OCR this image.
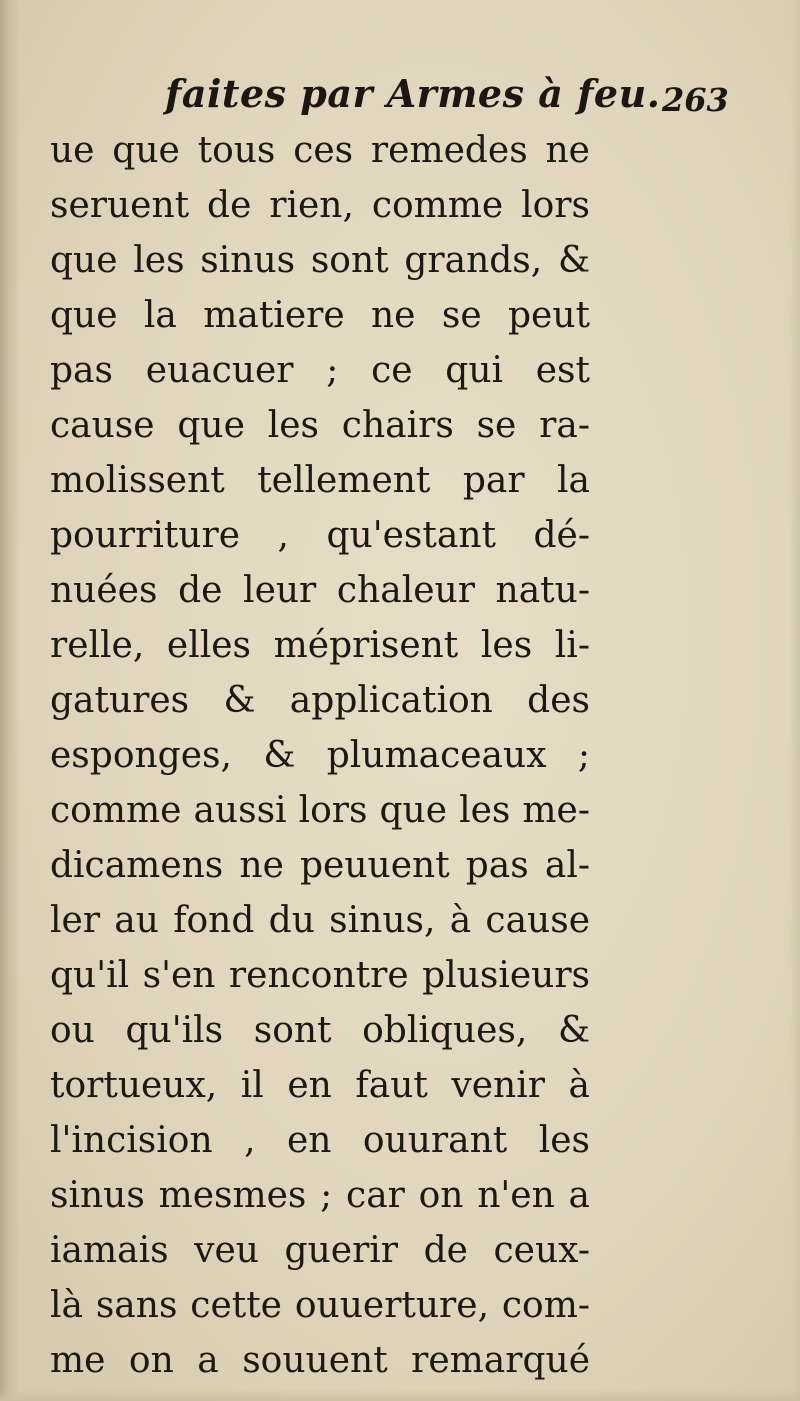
faites par Armes à feu. 263
ue que tous ces remedes ne
seruent de rien, comme lors
que les sinus sont grands, &
que la matiere ne se peut
pas euacuer ; ce qui est
cause que les chairs se ra-
molissent tellement par la
pourriture , qu'estant dé-
nuées de leur chaleur natu-
relle, elles méprisent les li-
gatures & application des
esponges, & plumaceaux ;
comme aussi lors que les me-
dicamens ne peuuent pas al-
ler au fond du sinus, à cause
qu'il s'en rencontre plusieurs
ou qu'ils sont obliques, &
tortueux, il en faut venir à
l'incision , en ouurant les
sinus mesmes ; car on n'en a
iamais veu guerir de ceux-
là sans cette ouuerture, com-
me on a souuent remarqué
